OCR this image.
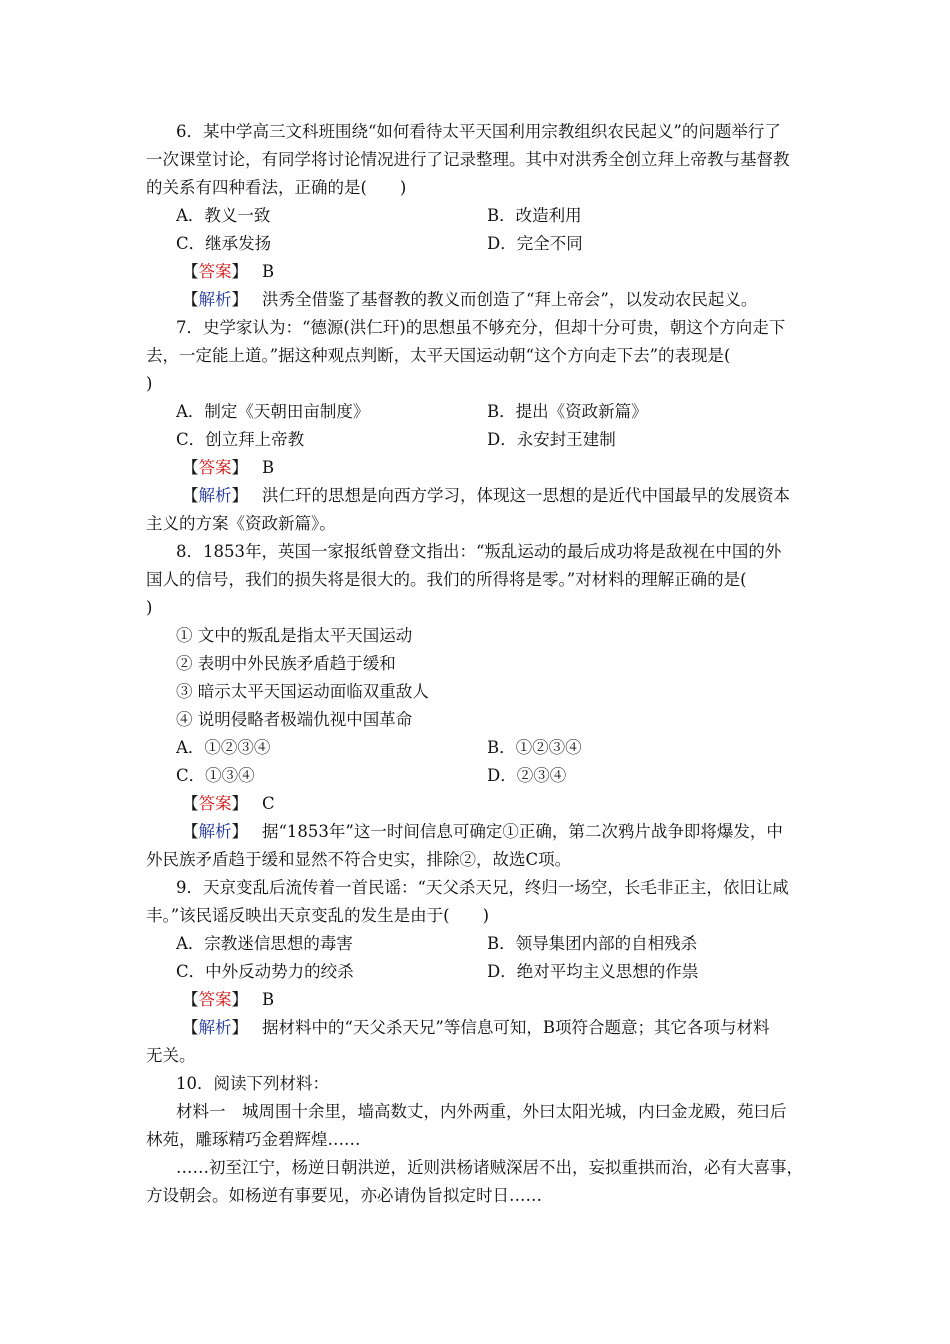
6．某中学高三文科班围绕“如何看待太平天国利用宗教组织农民起义”的问题举行了
一次课堂讨论，有同学将讨论情况进行了记录整理。其中对洪秀全创立拜上帝教与基督教
的关系有四种看法，正确的是(　　)
A．教义一致	B．改造利用
C．继承发扬	D．完全不同
【答案】 B
【解析】 洪秀全借鉴了基督教的教义而创造了“拜上帝会”，以发动农民起义。
7．史学家认为：“德源(洪仁玕)的思想虽不够充分，但却十分可贵，朝这个方向走下
去，一定能上道。”据这种观点判断，太平天国运动朝“这个方向走下去”的表现是(
)
A．制定《天朝田亩制度》	B．提出《资政新篇》
C．创立拜上帝教	D．永安封王建制
【答案】 B
【解析】 洪仁玕的思想是向西方学习，体现这一思想的是近代中国最早的发展资本
主义的方案《资政新篇》。
8．1853年，英国一家报纸曾登文指出：“叛乱运动的最后成功将是敌视在中国的外
国人的信号，我们的损失将是很大的。我们的所得将是零。”对材料的理解正确的是(
)
① 文中的叛乱是指太平天国运动
② 表明中外民族矛盾趋于缓和
③ 暗示太平天国运动面临双重敌人
④ 说明侵略者极端仇视中国革命
A．①②③④	B．①②③④
C．①③④	D．②③④
【答案】 C
【解析】 据“1853年”这一时间信息可确定①正确，第二次鸦片战争即将爆发，中
外民族矛盾趋于缓和显然不符合史实，排除②，故选C项。
9．天京变乱后流传着一首民谣：“天父杀天兄，终归一场空，长毛非正主，依旧让咸
丰。”该民谣反映出天京变乱的发生是由于(　　)
A．宗教迷信思想的毒害	B．领导集团内部的自相残杀
C．中外反动势力的绞杀	D．绝对平均主义思想的作祟
【答案】 B
【解析】 据材料中的“天父杀天兄”等信息可知，B项符合题意；其它各项与材料
无关。
10．阅读下列材料：
材料一　城周围十余里，墙高数丈，内外两重，外曰太阳光城，内曰金龙殿，苑曰后
林苑，雕琢精巧金碧辉煌……
……初至江宁，杨逆日朝洪逆，近则洪杨诸贼深居不出，妄拟重拱而治，必有大喜事，
方设朝会。如杨逆有事要见，亦必请伪旨拟定时日……
